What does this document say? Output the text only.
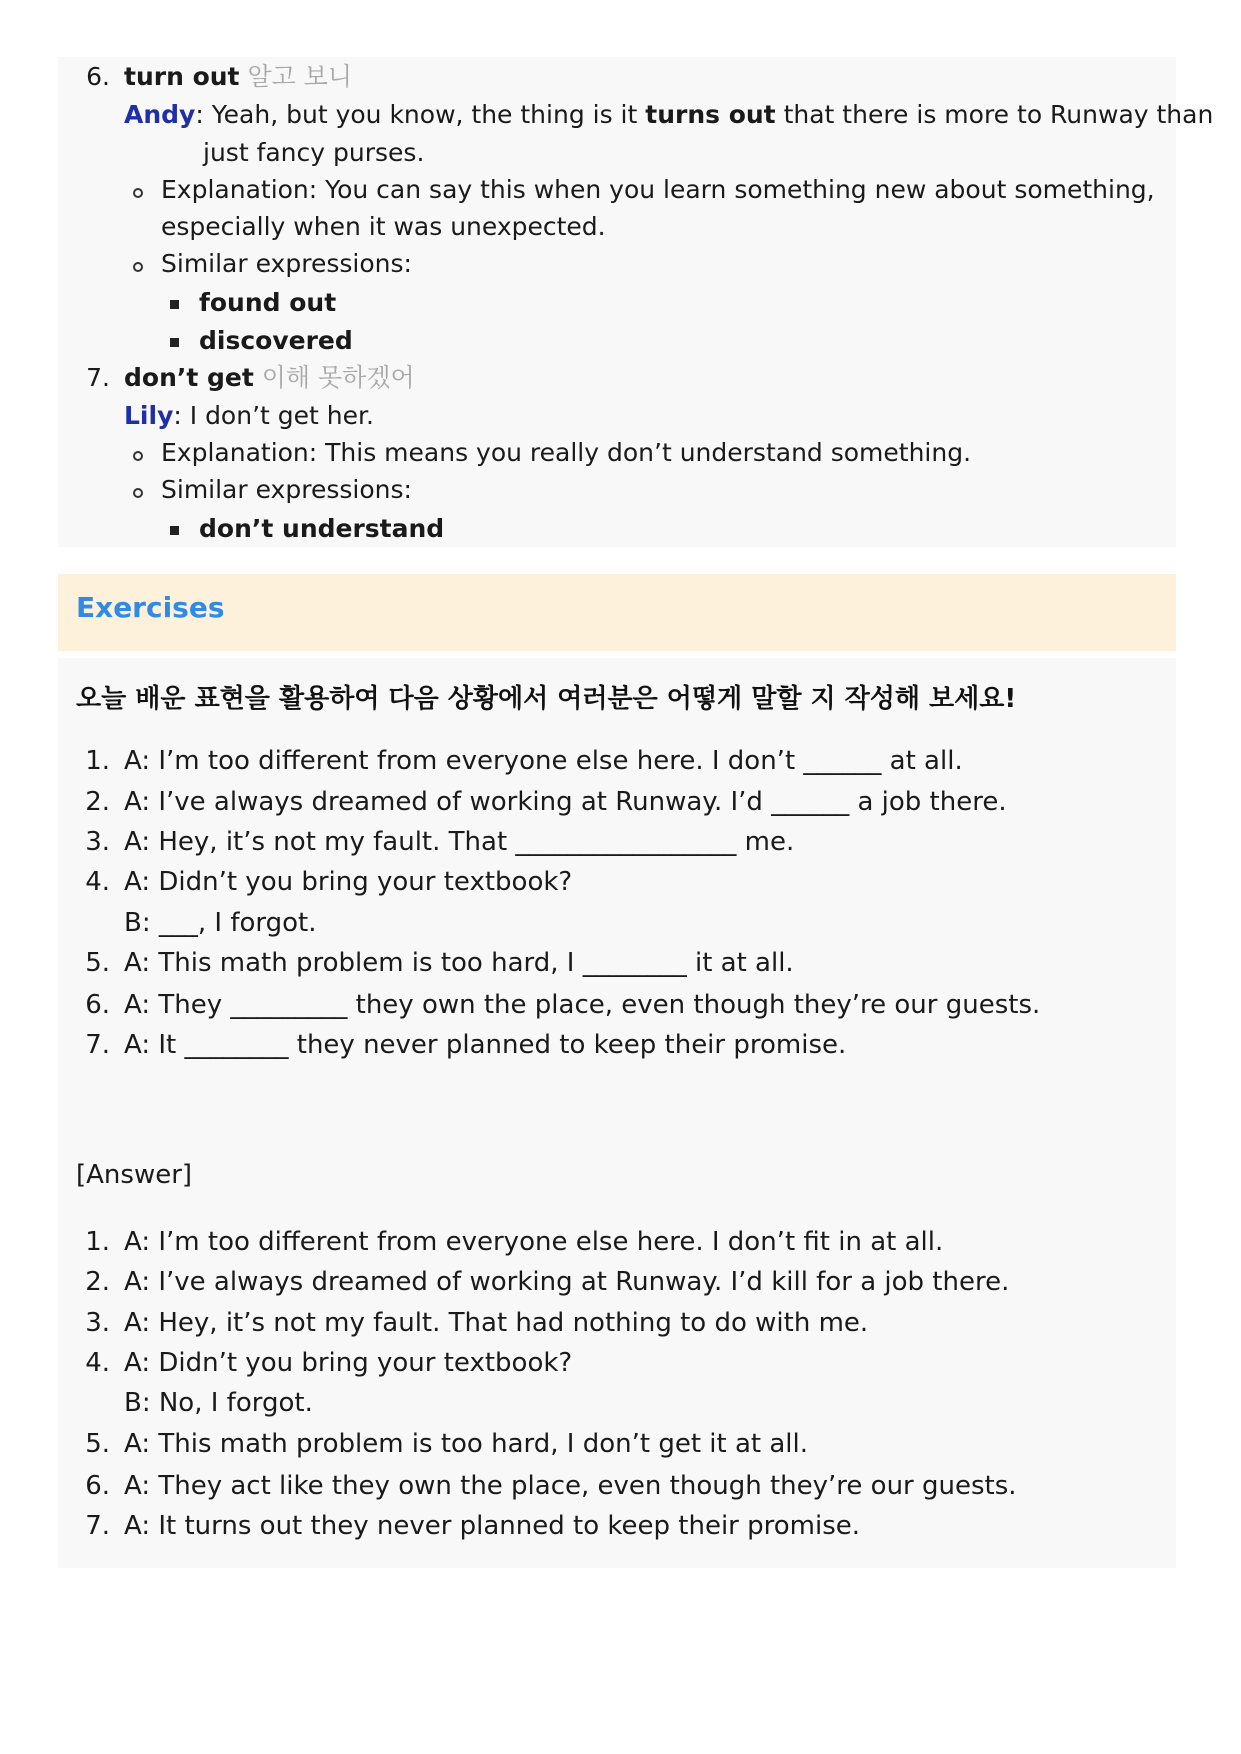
6. turn out 알고 보니
Andy: Yeah, but you know, the thing is it turns out that there is more to Runway than
just fancy purses.
Explanation: You can say this when you learn something new about something,
especially when it was unexpected.
Similar expressions:
found out
discovered
7. don’t get 이해 못하겠어
Lily: I don’t get her.
Explanation: This means you really don’t understand something.
Similar expressions:
don’t understand
Exercises
오늘 배운 표현을 활용하여 다음 상황에서 여러분은 어떻게 말할 지 작성해 보세요!
1. A: I’m too different from everyone else here. I don’t ______ at all.
2. A: I’ve always dreamed of working at Runway. I’d ______ a job there.
3. A: Hey, it’s not my fault. That _________________ me.
4. A: Didn’t you bring your textbook?
B: ___, I forgot.
5. A: This math problem is too hard, I ________ it at all.
6. A: They _________ they own the place, even though they’re our guests.
7. A: It ________ they never planned to keep their promise.
[Answer]
1. A: I’m too different from everyone else here. I don’t fit in at all.
2. A: I’ve always dreamed of working at Runway. I’d kill for a job there.
3. A: Hey, it’s not my fault. That had nothing to do with me.
4. A: Didn’t you bring your textbook?
B: No, I forgot.
5. A: This math problem is too hard, I don’t get it at all.
6. A: They act like they own the place, even though they’re our guests.
7. A: It turns out they never planned to keep their promise.
